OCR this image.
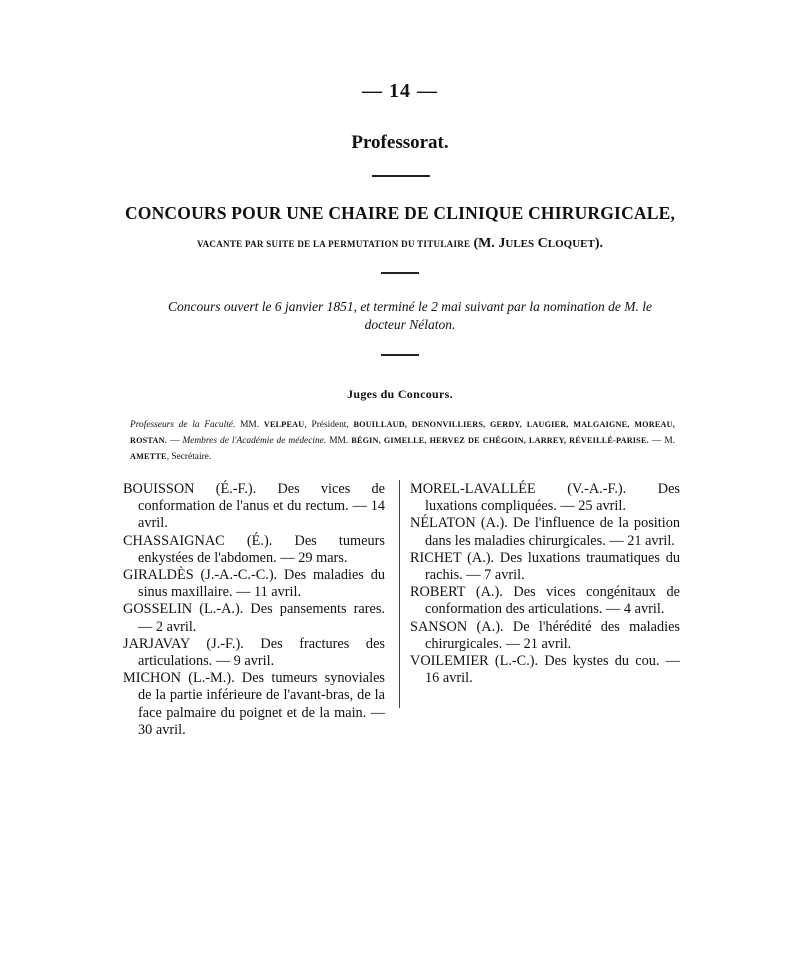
— 14 —
Professorat.
CONCOURS POUR UNE CHAIRE DE CLINIQUE CHIRURGICALE,
VACANTE PAR SUITE DE LA PERMUTATION DU TITULAIRE (M. JULES CLOQUET).
Concours ouvert le 6 janvier 1851, et terminé le 2 mai suivant par la nomination de M. le docteur Nélaton.
Juges du Concours.
Professeurs de la Faculté. MM. VELPEAU, Président, BOUILLAUD, DENONVILLIERS, GERDY, LAUGIER, MALGAIGNE, MOREAU, ROSTAN. — Membres de l'Académie de médecine. MM. BÉGIN, GIMELLE, HERVEZ DE CHÉGOIN, LARREY, RÉVEILLÉ-PARISE. — M. AMETTE, Secrétaire.
BOUISSON (É.-F.). Des vices de conformation de l'anus et du rectum. — 14 avril.
CHASSAIGNAC (É.). Des tumeurs enkystées de l'abdomen. — 29 mars.
GIRALDÈS (J.-A.-C.-C.). Des maladies du sinus maxillaire. — 11 avril.
GOSSELIN (L.-A.). Des pansements rares. — 2 avril.
JARJAVAY (J.-F.). Des fractures des articulations. — 9 avril.
MICHON (L.-M.). Des tumeurs synoviales de la partie inférieure de l'avant-bras, de la face palmaire du poignet et de la main. — 30 avril.
MOREL-LAVALLÉE (V.-A.-F.). Des luxations compliquées. — 25 avril.
NÉLATON (A.). De l'influence de la position dans les maladies chirurgicales. — 21 avril.
RICHET (A.). Des luxations traumatiques du rachis. — 7 avril.
ROBERT (A.). Des vices congénitaux de conformation des articulations. — 4 avril.
SANSON (A.). De l'hérédité des maladies chirurgicales. — 21 avril.
VOILEMIER (L.-C.). Des kystes du cou. — 16 avril.
